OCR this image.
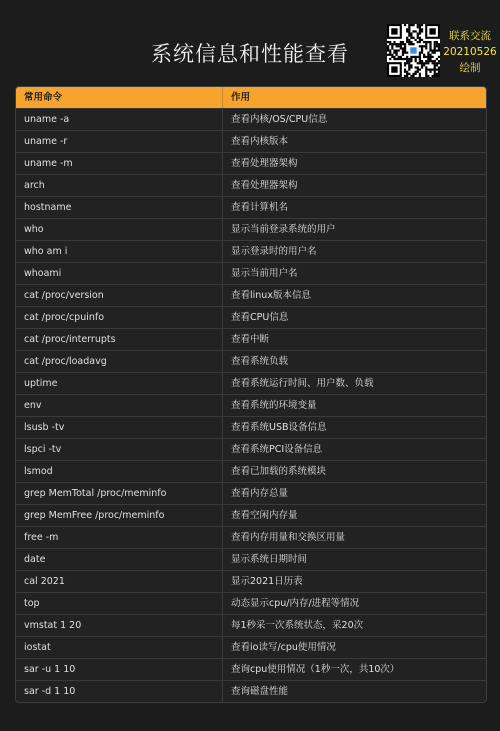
系统信息和性能查看
联系交流
20210526
绘制
常用命令	作用
uname -a	查看内核/OS/CPU信息
uname -r	查看内核版本
uname -m	查看处理器架构
arch	查看处理器架构
hostname	查看计算机名
who	显示当前登录系统的用户
who am i	显示登录时的用户名
whoami	显示当前用户名
cat /proc/version	查看linux版本信息
cat /proc/cpuinfo	查看CPU信息
cat /proc/interrupts	查看中断
cat /proc/loadavg	查看系统负载
uptime	查看系统运行时间、用户数、负载
env	查看系统的环境变量
lsusb -tv	查看系统USB设备信息
lspci -tv	查看系统PCI设备信息
lsmod	查看已加载的系统模块
grep MemTotal /proc/meminfo	查看内存总量
grep MemFree /proc/meminfo	查看空闲内存量
free -m	查看内存用量和交换区用量
date	显示系统日期时间
cal 2021	显示2021日历表
top	动态显示cpu/内存/进程等情况
vmstat 1 20	每1秒采一次系统状态，采20次
iostat	查看io读写/cpu使用情况
sar -u 1 10	查询cpu使用情况（1秒一次，共10次）
sar -d 1 10	查询磁盘性能
